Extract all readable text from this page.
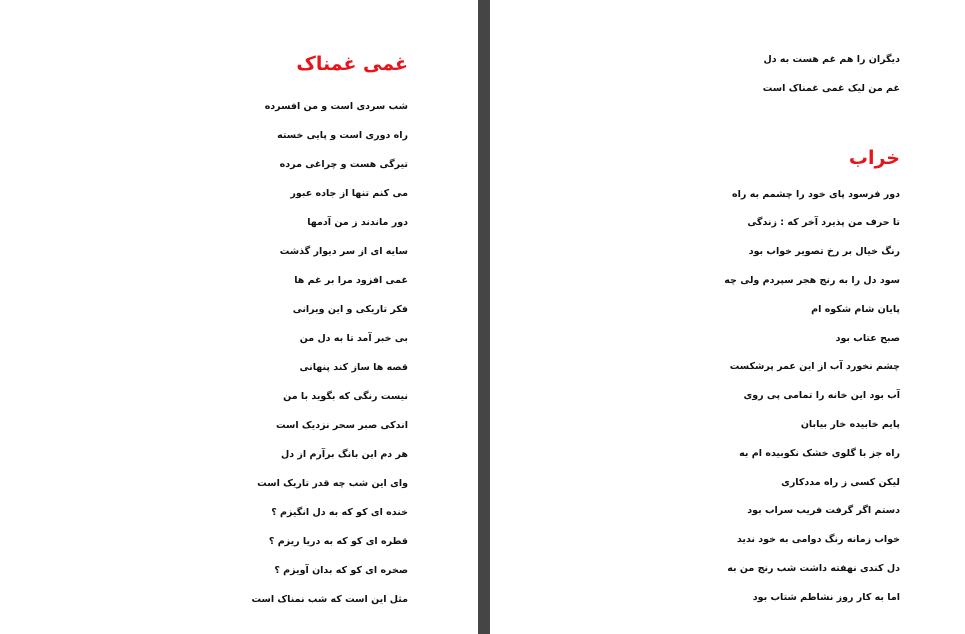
غمی غمناک
شب سردی است و من افسرده
راه دوری است و پایی خسته
تیرگی هست و چراغی مرده
می کنم تنها از جاده عبور
دور ماندند ز من آدمها
سایه ای از سر دیوار گذشت
غمی افزود مرا بر غم ها
فکر تاریکی و این ویرانی
بی خبر آمد تا به دل من
قصه ها ساز کند پنهانی
نیست رنگی که بگوید با من
اندکی صبر سحر نزدیک است
هر دم این بانگ برآرم از دل
وای این شب چه قدر تاریک است
خنده ای کو که به دل انگیزم ؟
قطره ای کو که به دریا ریزم ؟
صخره ای کو که بدان آویزم ؟
مثل این است که شب نمناک است
دیگران را هم غم هست به دل
غم من لیک غمی غمناک است
خراب
دور فرسود پای خود را چشمم به راه
تا حرف من پذیرد آخر که : زندگی
رنگ خیال بر رخ تصویر خواب بود
سود دل را به رنج هجر سپردم ولی چه
پایان شام شکوه ام
صبح عتاب بود
چشم نخورد آب از این عمر پرشکست
آب بود این خانه را تمامی پی روی
پایم خابیده خار بیابان
راه جز با گلوی خشک نکوبیده ام به
لیکن کسی ز راه مددکاری
دستم اگر گرفت فریب سراب بود
خواب زمانه رنگ دوامی به خود ندید
دل کندی نهفته داشت شب رنج من به
اما به کار روز نشاطم شتاب بود
